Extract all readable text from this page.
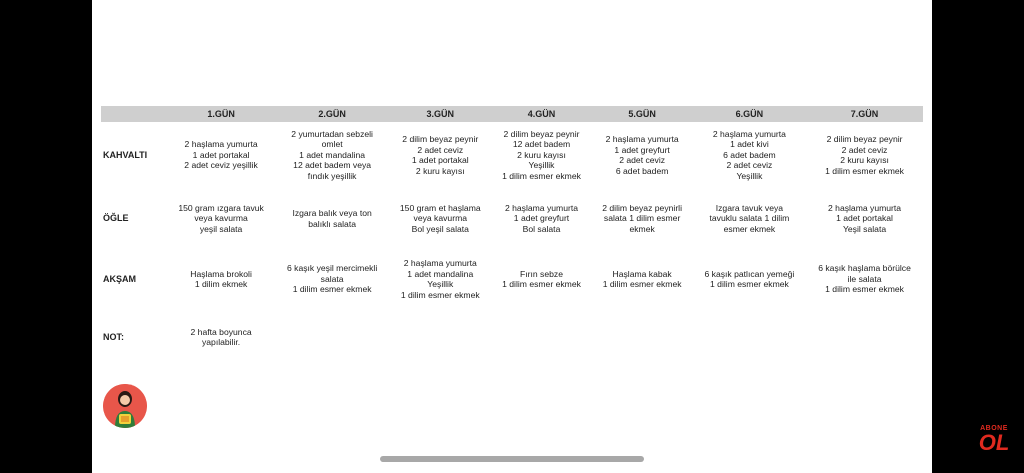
	1.GÜN	2.GÜN	3.GÜN	4.GÜN	5.GÜN	6.GÜN	7.GÜN
KAHVALTI	2 haşlama yumurta
1 adet portakal
2 adet ceviz yeşillik	2 yumurtadan sebzeli
omlet
1 adet mandalina
12 adet badem veya
fındık yeşillik	2 dilim beyaz peynir
2 adet ceviz
1 adet portakal
2 kuru kayısı	2 dilim beyaz peynir
12 adet badem
2 kuru kayısı
Yeşillik
1 dilim esmer ekmek	2 haşlama yumurta
1 adet greyfurt
2 adet ceviz
6 adet badem	2 haşlama yumurta
1 adet kivi
6 adet badem
2 adet ceviz
Yeşillik	2 dilim beyaz peynir
2 adet ceviz
2 kuru kayısı
1 dilim esmer ekmek

ÖĞLE	150 gram ızgara tavuk
veya kavurma
yeşil salata	Izgara balık veya ton
balıklı salata	150 gram et haşlama
veya kavurma
Bol yeşil salata	2 haşlama yumurta
1 adet greyfurt
Bol salata	2 dilim beyaz peynirli
salata 1 dilim esmer
ekmek	Izgara tavuk veya
tavuklu salata 1 dilim
esmer ekmek	2 haşlama yumurta
1 adet portakal
Yeşil salata

AKŞAM	Haşlama brokoli
1 dilim ekmek	6 kaşık yeşil mercimekli
salata
1 dilim esmer ekmek	2 haşlama yumurta
1 adet mandalina
Yeşillik
1 dilim esmer ekmek	Fırın sebze
1 dilim esmer ekmek	Haşlama kabak
1 dilim esmer ekmek	6 kaşık patlıcan yemeği
1 dilim esmer ekmek	6 kaşık haşlama börülce
ile salata
1 dilim esmer ekmek

NOT:	2 hafta boyunca
yapılabilir.						

ABONE
OL
